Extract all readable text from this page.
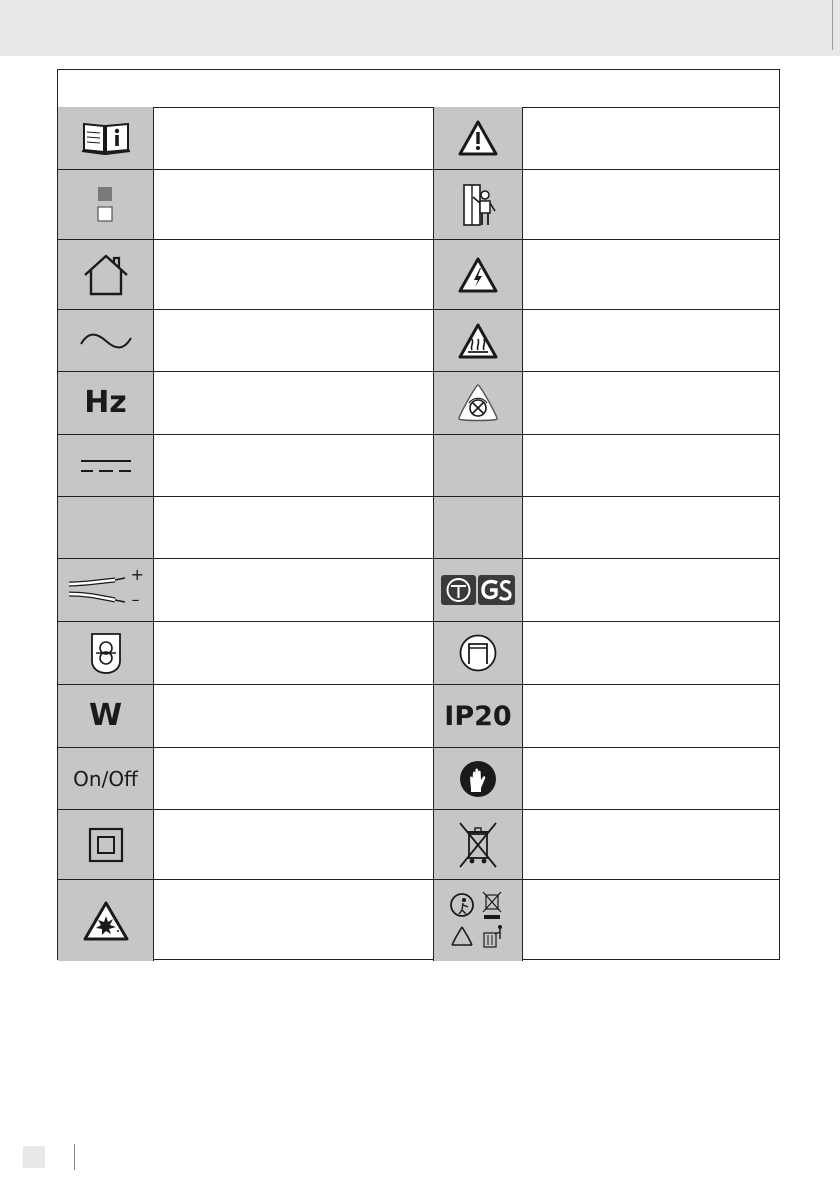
Hz
+
–
W	IP20
On/Off
